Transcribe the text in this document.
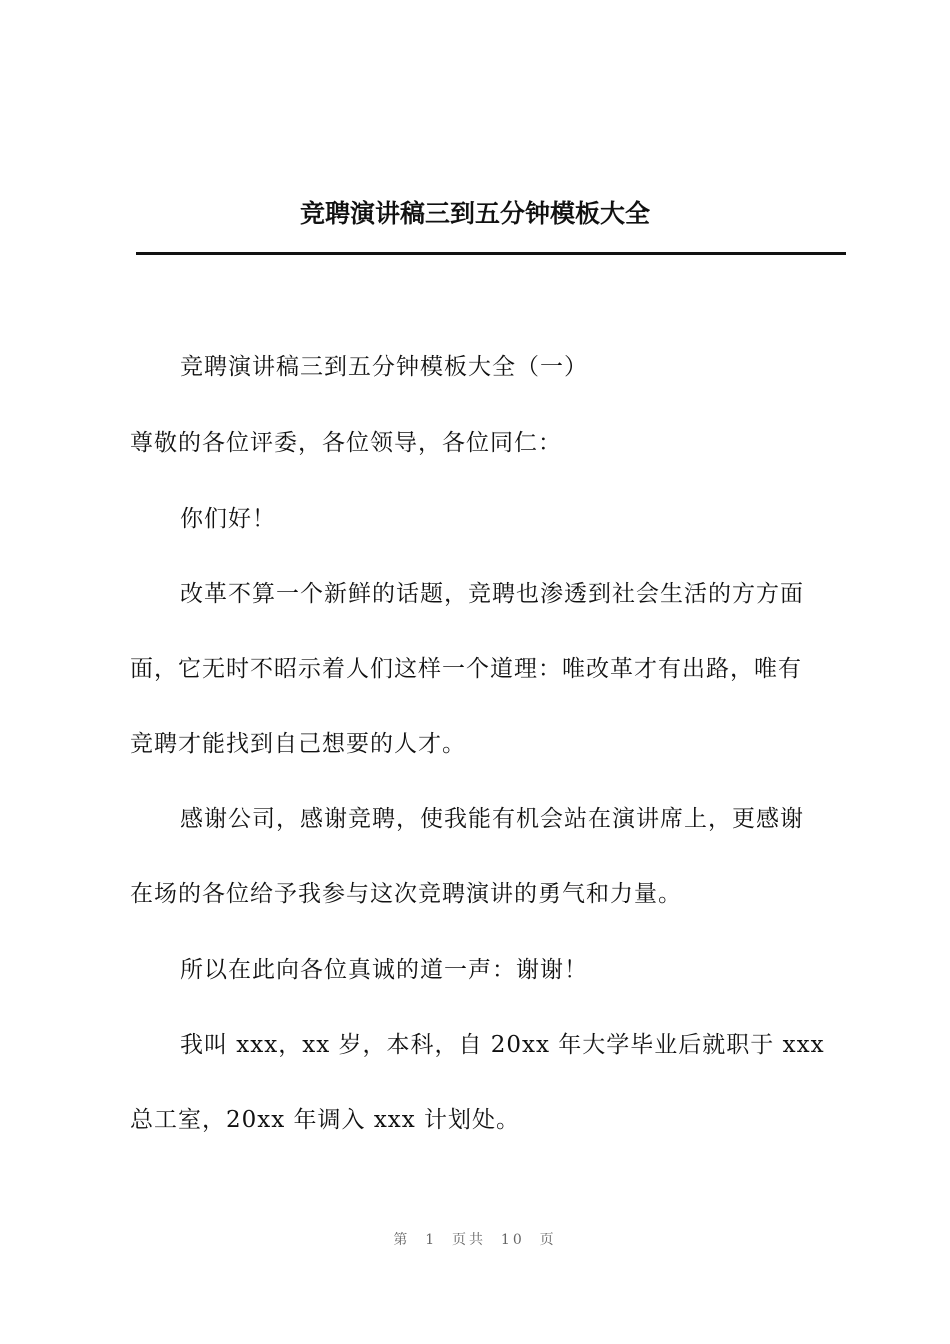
竞聘演讲稿三到五分钟模板大全
竞聘演讲稿三到五分钟模板大全（一）
尊敬的各位评委，各位领导，各位同仁：
你们好！
改革不算一个新鲜的话题，竞聘也渗透到社会生活的方方面
面，它无时不昭示着人们这样一个道理：唯改革才有出路，唯有
竞聘才能找到自己想要的人才。
感谢公司，感谢竞聘，使我能有机会站在演讲席上，更感谢
在场的各位给予我参与这次竞聘演讲的勇气和力量。
所以在此向各位真诚的道一声：谢谢！
我叫 xxx，xx 岁，本科，自 20xx 年大学毕业后就职于 xxx
总工室，20xx 年调入 xxx 计划处。
第  1  页共  10  页
